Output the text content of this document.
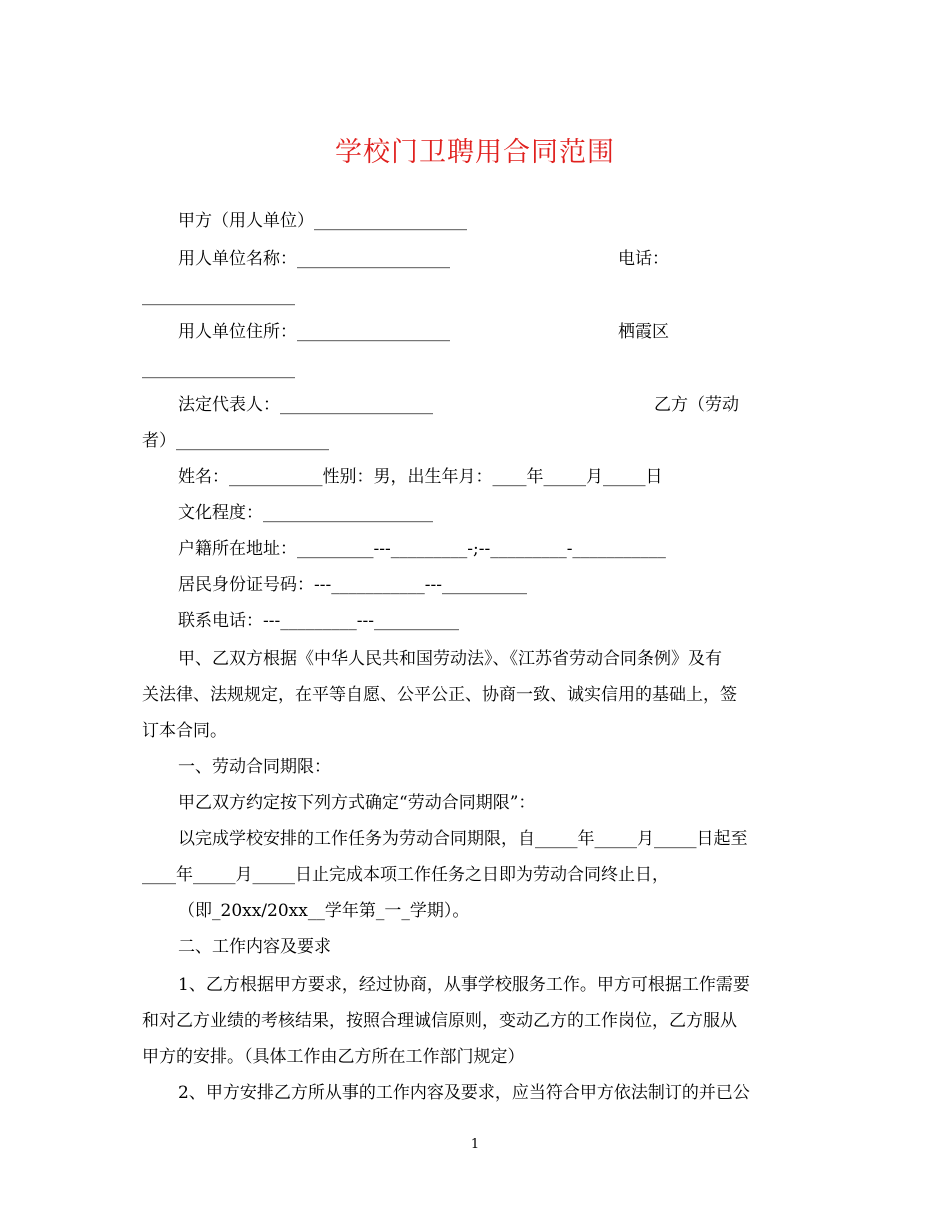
学校门卫聘用合同范围
甲方（用人单位）__________________
用人单位名称：__________________	电话：
__________________
用人单位住所：__________________	栖霞区
__________________
法定代表人：__________________	乙方（劳动
者）__________________
姓名：___________性别：男，出生年月：____年_____月_____日
文化程度：____________________
户籍所在地址：_________---_________-;--_________-___________
居民身份证号码：---___________---__________
联系电话：---_________---__________
甲、乙双方根据《中华人民共和国劳动法》、《江苏省劳动合同条例》及有
关法律、法规规定，在平等自愿、公平公正、协商一致、诚实信用的基础上，签
订本合同。
一、劳动合同期限：
甲乙双方约定按下列方式确定“劳动合同期限”：
以完成学校安排的工作任务为劳动合同期限，自_____年_____月_____日起至
____年_____月_____日止完成本项工作任务之日即为劳动合同终止日，
（即_20xx/20xx__学年第_一_学期）。
二、工作内容及要求
1、乙方根据甲方要求，经过协商，从事学校服务工作。甲方可根据工作需要
和对乙方业绩的考核结果，按照合理诚信原则，变动乙方的工作岗位，乙方服从
甲方的安排。（具体工作由乙方所在工作部门规定）
2、甲方安排乙方所从事的工作内容及要求，应当符合甲方依法制订的并已公
1
